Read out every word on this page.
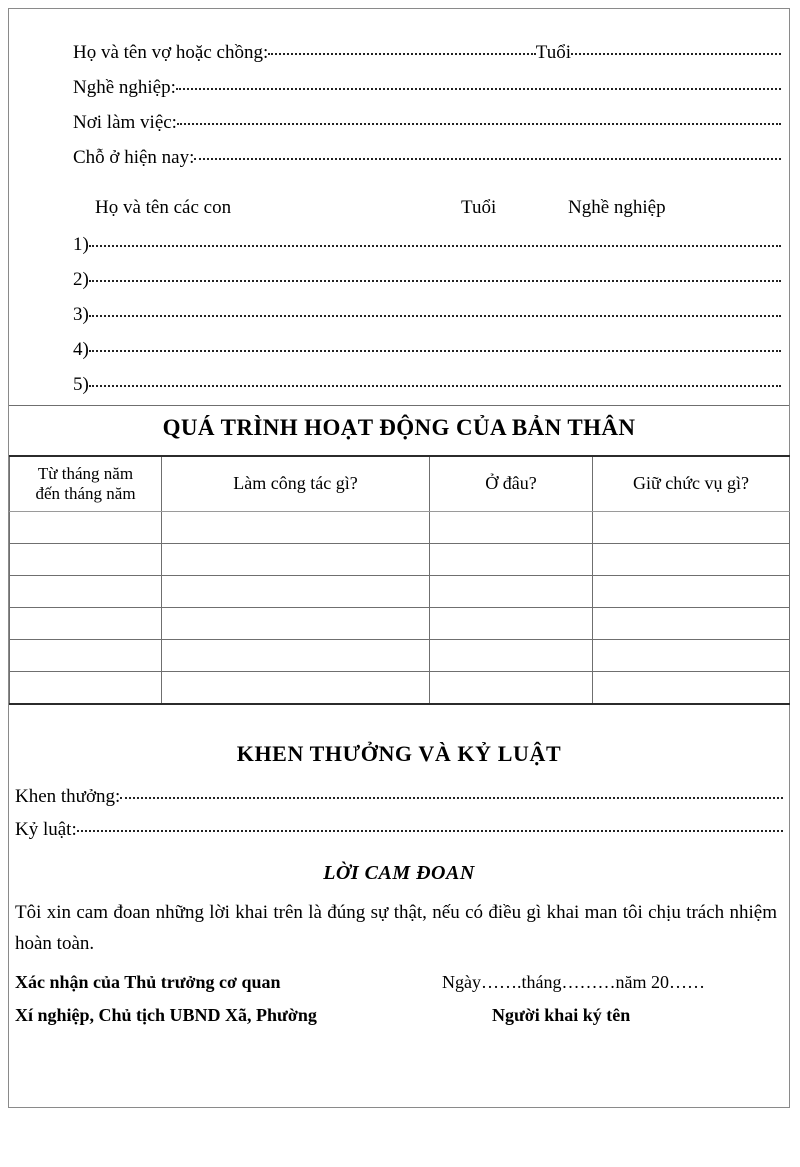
Họ và tên vợ hoặc chồng:	Tuổi
Nghề nghiệp:
Nơi làm việc:
Chỗ ở hiện nay:
Họ và tên các con	Tuổi	Nghề nghiệp
1)
2)
3)
4)
5)
QUÁ TRÌNH HOẠT ĐỘNG CỦA BẢN THÂN
Từ tháng năm
đến tháng năm	Làm công tác gì?	Ở đâu?	Giữ chức vụ gì?

KHEN THƯỞNG VÀ KỶ LUẬT
Khen thưởng:
Kỷ luật:
LỜI CAM ĐOAN
Tôi xin cam đoan những lời khai trên là đúng sự thật, nếu có điều gì khai man tôi chịu trách nhiệm hoàn toàn.
Xác nhận của Thủ trưởng cơ quan	Ngày…….tháng………năm 20……
Xí nghiệp, Chủ tịch UBND Xã, Phường	Người khai ký tên
